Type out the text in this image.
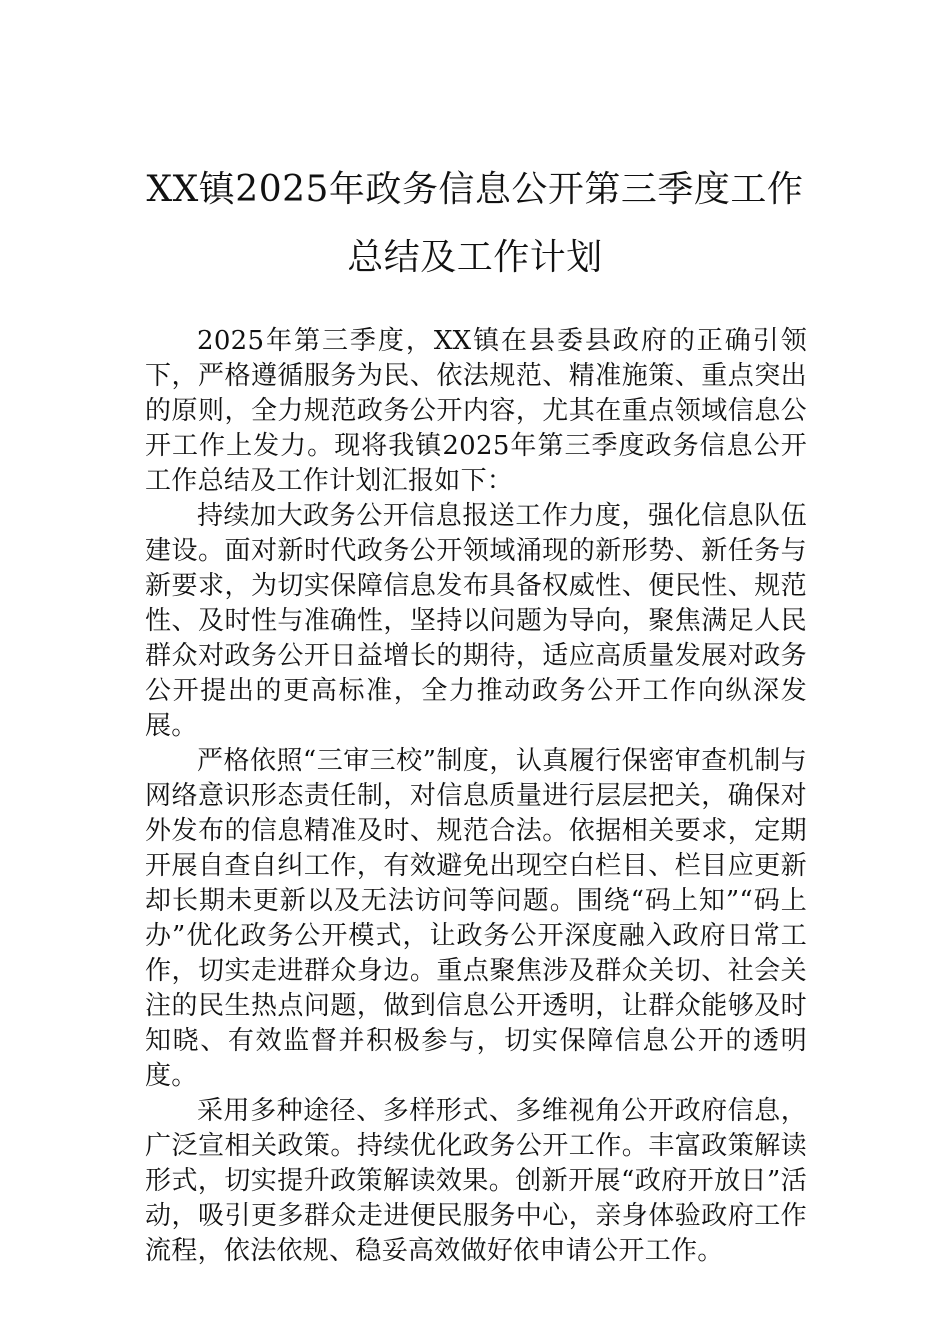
XX镇2025年政务信息公开第三季度工作
总结及工作计划

2025年第三季度，XX镇在县委县政府的正确引领下，严格遵循服务为民、依法规范、精准施策、重点突出的原则，全力规范政务公开内容，尤其在重点领域信息公开工作上发力。现将我镇2025年第三季度政务信息公开工作总结及工作计划汇报如下：

持续加大政务公开信息报送工作力度，强化信息队伍建设。面对新时代政务公开领域涌现的新形势、新任务与新要求，为切实保障信息发布具备权威性、便民性、规范性、及时性与准确性，坚持以问题为导向，聚焦满足人民群众对政务公开日益增长的期待，适应高质量发展对政务公开提出的更高标准，全力推动政务公开工作向纵深发展。

严格依照“三审三校”制度，认真履行保密审查机制与网络意识形态责任制，对信息质量进行层层把关，确保对外发布的信息精准及时、规范合法。依据相关要求，定期开展自查自纠工作，有效避免出现空白栏目、栏目应更新却长期未更新以及无法访问等问题。围绕“码上知”“码上办”优化政务公开模式，让政务公开深度融入政府日常工作，切实走进群众身边。重点聚焦涉及群众关切、社会关注的民生热点问题，做到信息公开透明，让群众能够及时知晓、有效监督并积极参与，切实保障信息公开的透明度。

采用多种途径、多样形式、多维视角公开政府信息，广泛宣相关政策。持续优化政务公开工作。丰富政策解读形式，切实提升政策解读效果。创新开展“政府开放日”活动，吸引更多群众走进便民服务中心，亲身体验政府工作流程，依法依规、稳妥高效做好依申请公开工作。
